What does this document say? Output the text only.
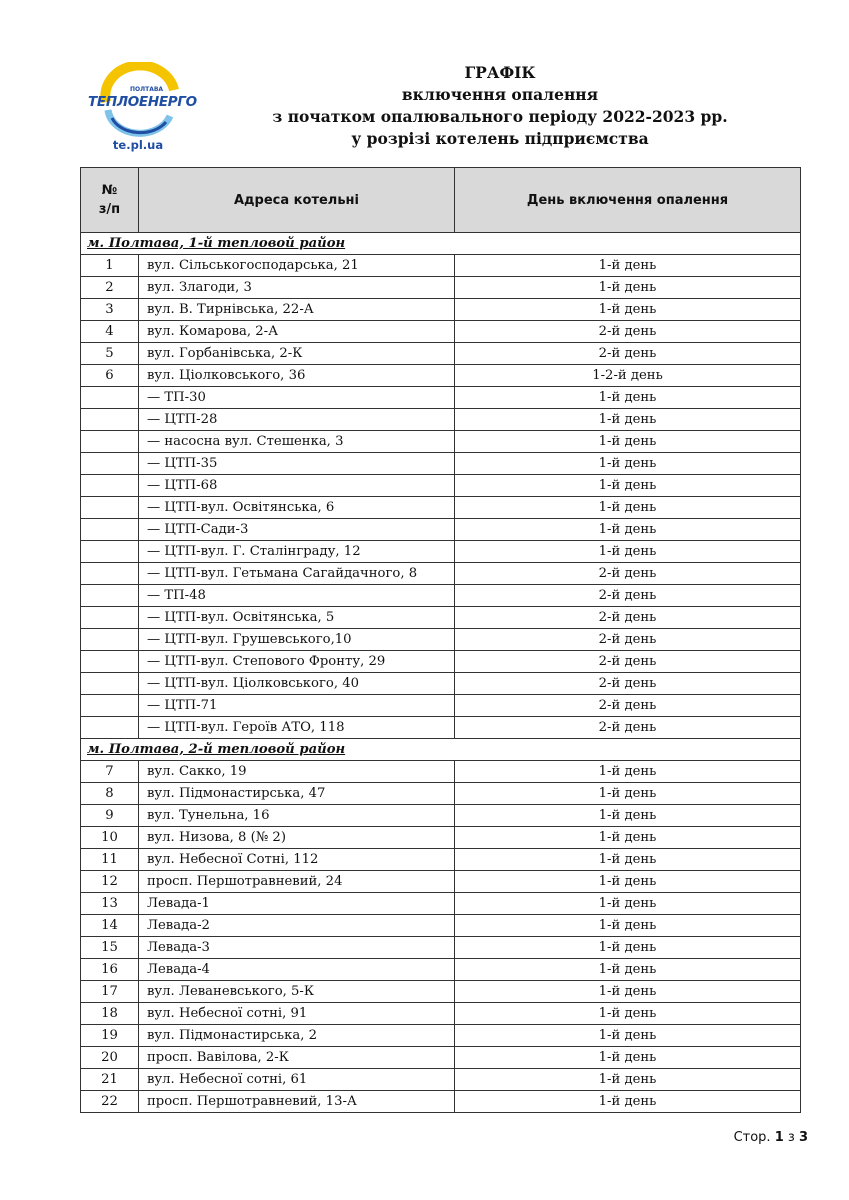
ПОЛТАВА
ТЕПЛОЕНЕРГО
te.pl.ua
ГРАФІК
включення опалення
з початком опалювального періоду 2022-2023 рр.
у розрізі котелень підприємства
№
з/п	Адреса котельні	День включення опалення
м. Полтава, 1-й тепловой район		
1	вул. Сільськогосподарська, 21	1-й день
2	вул. Злагоди, 3	1-й день
3	вул. В. Тирнівська, 22-А	1-й день
4	вул. Комарова, 2-А	2-й день
5	вул. Горбанівська, 2-К	2-й день
6	вул. Ціолковського, 36	1-2-й день
	— ТП-30	1-й день
	— ЦТП-28	1-й день
	— насосна вул. Стешенка, 3	1-й день
	— ЦТП-35	1-й день
	— ЦТП-68	1-й день
	— ЦТП-вул. Освітянська, 6	1-й день
	— ЦТП-Сади-3	1-й день
	— ЦТП-вул. Г. Сталінграду, 12	1-й день
	— ЦТП-вул. Гетьмана Сагайдачного, 8	2-й день
	— ТП-48	2-й день
	— ЦТП-вул. Освітянська, 5	2-й день
	— ЦТП-вул. Грушевського,10	2-й день
	— ЦТП-вул. Степового Фронту, 29	2-й день
	— ЦТП-вул. Ціолковського, 40	2-й день
	— ЦТП-71	2-й день
	— ЦТП-вул. Героїв АТО, 118	2-й день
м. Полтава, 2-й тепловой район		
7	вул. Сакко, 19	1-й день
8	вул. Підмонастирська, 47	1-й день
9	вул. Тунельна, 16	1-й день
10	вул. Низова, 8 (№ 2)	1-й день
11	вул. Небесної Сотні, 112	1-й день
12	просп. Першотравневий, 24	1-й день
13	Левада-1	1-й день
14	Левада-2	1-й день
15	Левада-3	1-й день
16	Левада-4	1-й день
17	вул. Леваневського, 5-К	1-й день
18	вул. Небесної сотні, 91	1-й день
19	вул. Підмонастирська, 2	1-й день
20	просп. Вавілова, 2-К	1-й день
21	вул. Небесної сотні, 61	1-й день
22	просп. Першотравневий, 13-А	1-й день
Стор. 1 з 3
